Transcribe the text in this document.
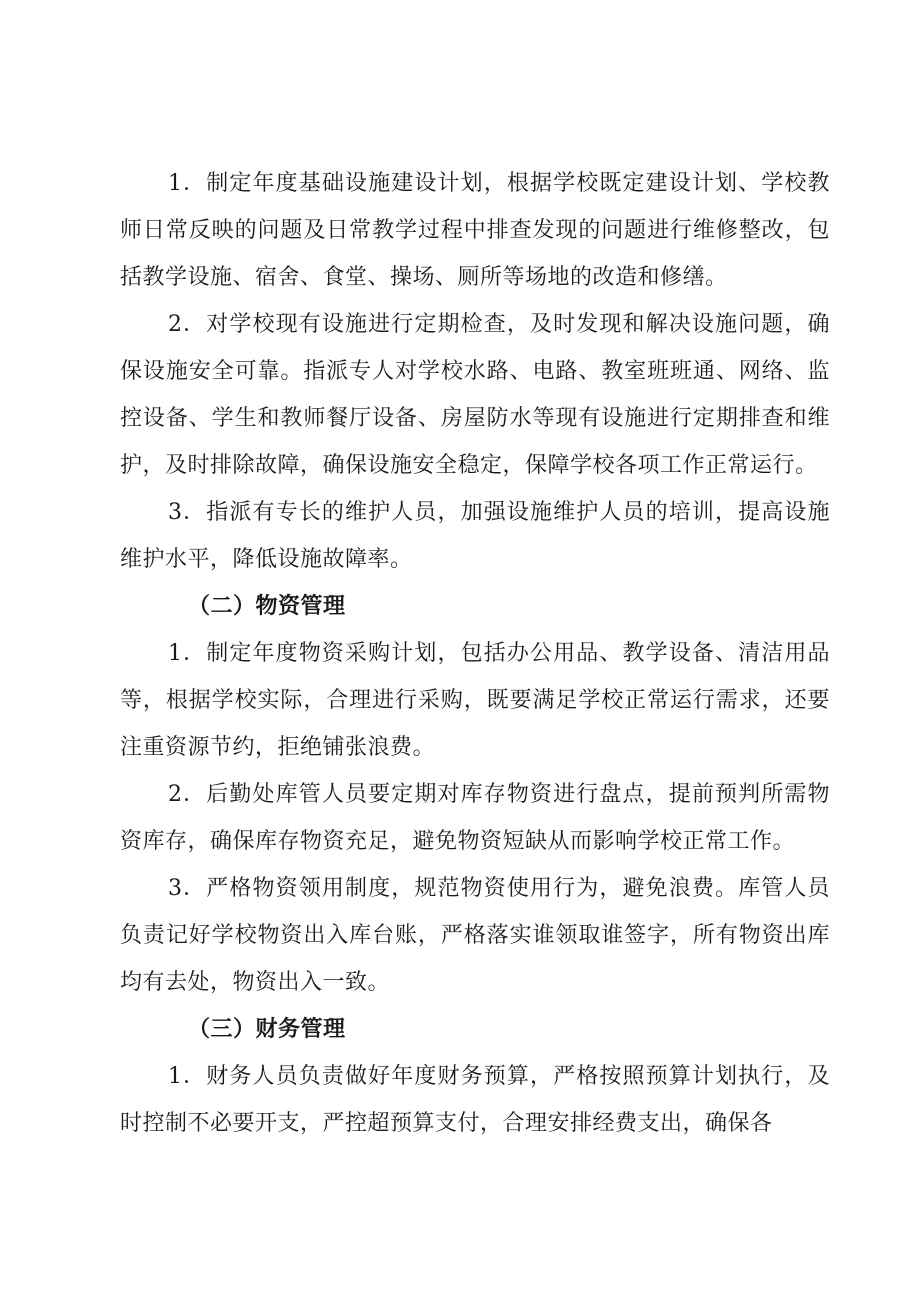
1．制定年度基础设施建设计划，根据学校既定建设计划、学校教师日常反映的问题及日常教学过程中排查发现的问题进行维修整改，包括教学设施、宿舍、食堂、操场、厕所等场地的改造和修缮。

2．对学校现有设施进行定期检查，及时发现和解决设施问题，确保设施安全可靠。指派专人对学校水路、电路、教室班班通、网络、监控设备、学生和教师餐厅设备、房屋防水等现有设施进行定期排查和维护，及时排除故障，确保设施安全稳定，保障学校各项工作正常运行。

3．指派有专长的维护人员，加强设施维护人员的培训，提高设施维护水平，降低设施故障率。

（二）物资管理

1．制定年度物资采购计划，包括办公用品、教学设备、清洁用品等，根据学校实际，合理进行采购，既要满足学校正常运行需求，还要注重资源节约，拒绝铺张浪费。

2．后勤处库管人员要定期对库存物资进行盘点，提前预判所需物资库存，确保库存物资充足，避免物资短缺从而影响学校正常工作。

3．严格物资领用制度，规范物资使用行为，避免浪费。库管人员负责记好学校物资出入库台账，严格落实谁领取谁签字，所有物资出库均有去处，物资出入一致。

（三）财务管理

1．财务人员负责做好年度财务预算，严格按照预算计划执行，及时控制不必要开支，严控超预算支付，合理安排经费支出，确保各
